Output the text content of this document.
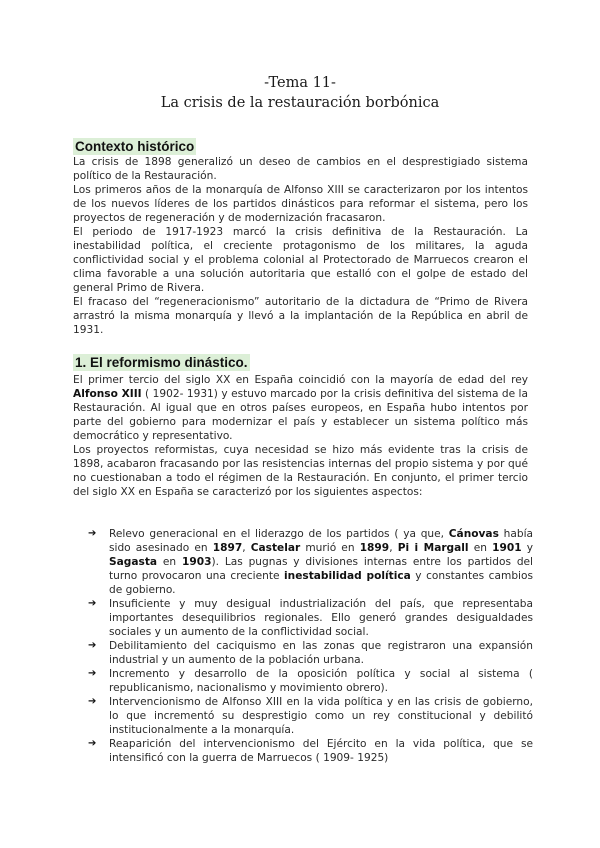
-Tema 11-
La crisis de la restauración borbónica
Contexto histórico

La crisis de 1898 generalizó un deseo de cambios en el desprestigiado sistema político de la Restauración.

Los primeros años de la monarquía de Alfonso XIII se caracterizaron por los intentos de los nuevos líderes de los partidos dinásticos para reformar el sistema, pero los proyectos de regeneración y de modernización fracasaron.

El periodo de 1917-1923 marcó la crisis definitiva de la Restauración. La inestabilidad política, el creciente protagonismo de los militares, la aguda conflictividad social y el problema colonial al Protectorado de Marruecos crearon el clima favorable a una solución autoritaria que estalló con el golpe de estado del general Primo de Rivera.

El fracaso del “regeneracionismo” autoritario de la dictadura de “Primo de Rivera arrastró la misma monarquía y llevó a la implantación de la República en abril de 1931.

1. El reformismo dinástico.

El primer tercio del siglo XX en España coincidió con la mayoría de edad del rey Alfonso XIII ( 1902- 1931) y estuvo marcado por la crisis definitiva del sistema de la Restauración. Al igual que en otros países europeos, en España hubo intentos por parte del gobierno para modernizar el país y establecer un sistema político más democrático y representativo.

Los proyectos reformistas, cuya necesidad se hizo más evidente tras la crisis de 1898, acabaron fracasando por las resistencias internas del propio sistema y por qué no cuestionaban a todo el régimen de la Restauración. En conjunto, el primer tercio del siglo XX en España se caracterizó por los siguientes aspectos:

➔ Relevo generacional en el liderazgo de los partidos ( ya que, Cánovas había sido asesinado en 1897, Castelar murió en 1899, Pi i Margall en 1901 y Sagasta en 1903). Las pugnas y divisiones internas entre los partidos del turno provocaron una creciente inestabilidad política y constantes cambios de gobierno.
➔ Insuficiente y muy desigual industrialización del país, que representaba importantes desequilibrios regionales. Ello generó grandes desigualdades sociales y un aumento de la conflictividad social.
➔ Debilitamiento del caciquismo en las zonas que registraron una expansión industrial y un aumento de la población urbana.
➔ Incremento y desarrollo de la oposición política y social al sistema ( republicanismo, nacionalismo y movimiento obrero).
➔ Intervencionismo de Alfonso XIII en la vida política y en las crisis de gobierno, lo que incrementó su desprestigio como un rey constitucional y debilitó institucionalmente a la monarquía.
➔ Reaparición del intervencionismo del Ejército en la vida política, que se intensificó con la guerra de Marruecos ( 1909- 1925)
